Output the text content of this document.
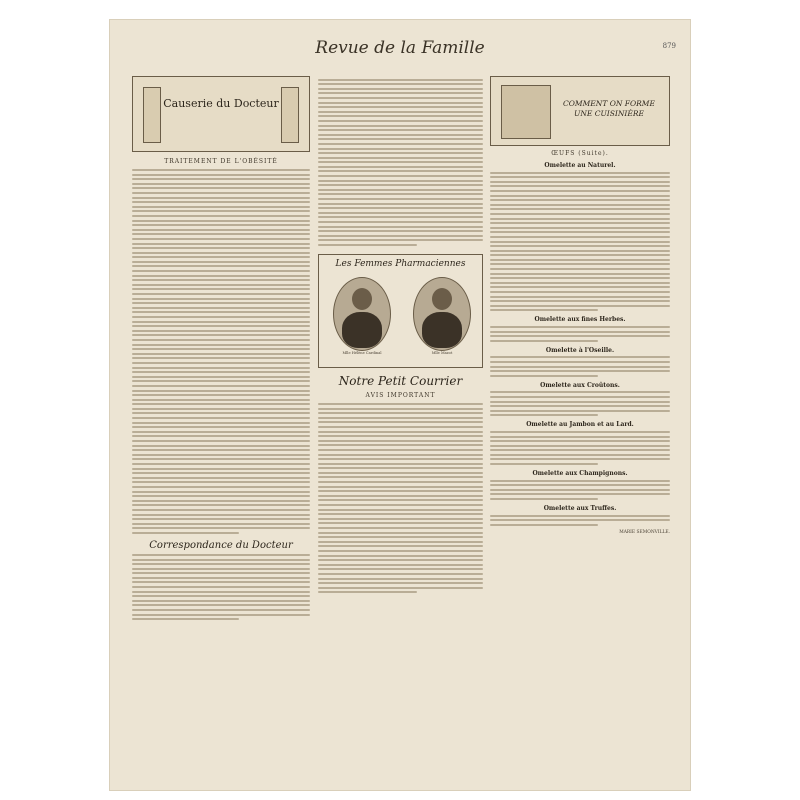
Revue de la Famille	879
Causerie du Docteur
TRAITEMENT DE L'OBÉSITÉ
Correspondance du Docteur
Les Femmes Pharmaciennes
Mlle Hélène Cardinal	Mlle Mazot
Notre Petit Courrier
AVIS IMPORTANT
COMMENT ON FORME UNE CUISINIÈRE
ŒUFS (Suite).
Omelette au Naturel.
Omelette aux fines Herbes.
Omelette à l'Oseille.
Omelette aux Croûtons.
Omelette au Jambon et au Lard.
Omelette aux Champignons.
Omelette aux Truffes.
MARIE SEMONVILLE.
